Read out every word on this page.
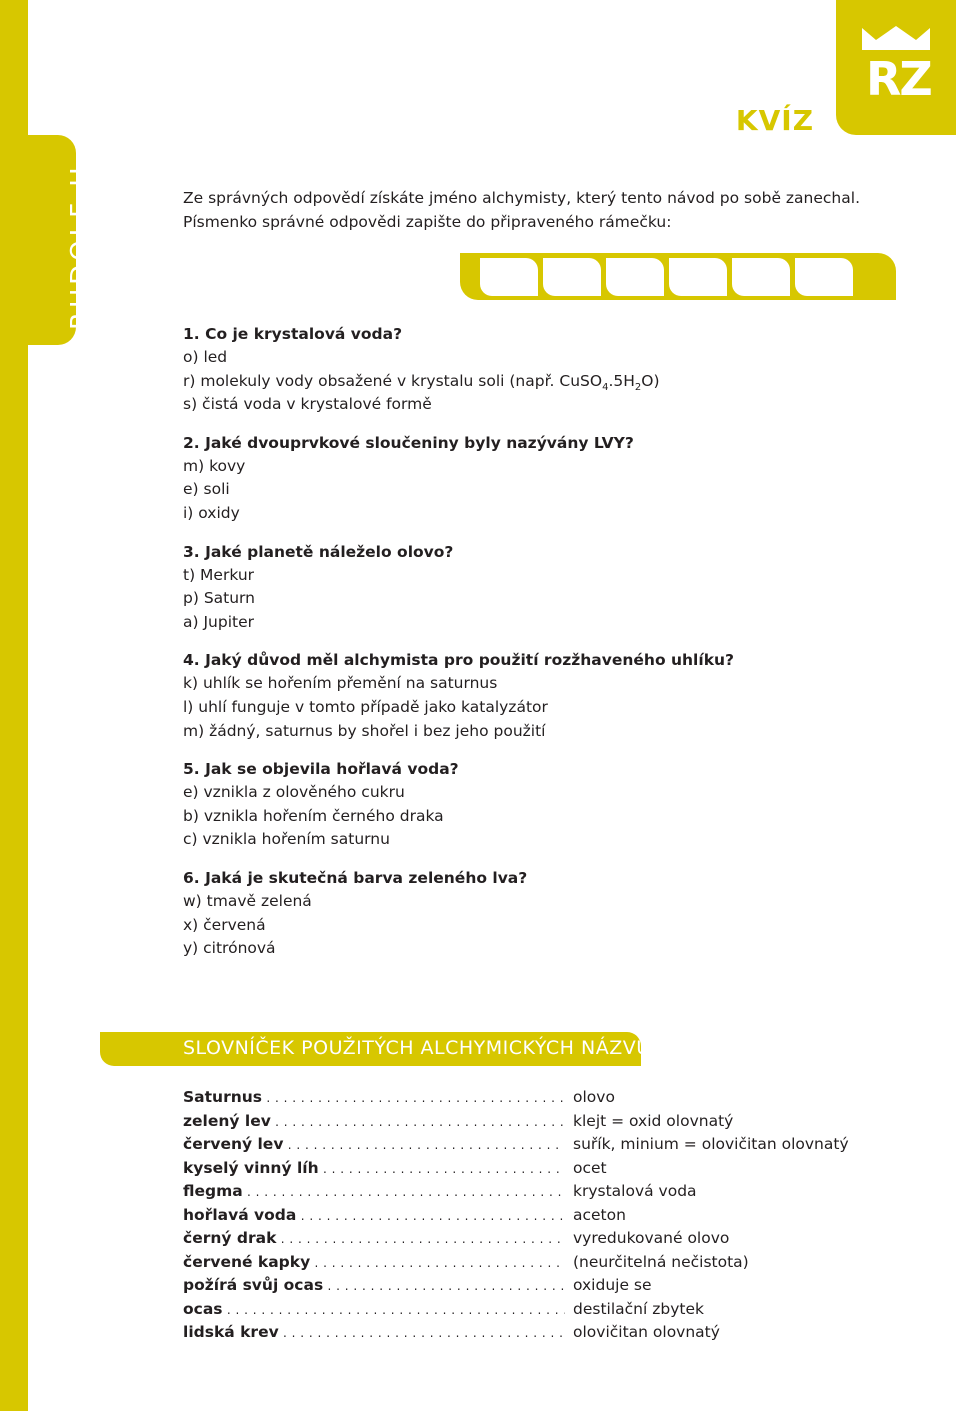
RUDOLF II.
RZ
KVÍZ
Ze správných odpovědí získáte jméno alchymisty, který tento návod po sobě zanechal.
Písmenko správné odpovědi zapište do připraveného rámečku:
1. Co je krystalová voda?
o) led
r) molekuly vody obsažené v krystalu soli (např. $CuSO_4.5H_2O$)
s) čistá voda v krystalové formě
2. Jaké dvouprvkové sloučeniny byly nazývány LVY?
m) kovy
e) soli
i) oxidy
3. Jaké planetě náleželo olovo?
t) Merkur
p) Saturn
a) Jupiter
4. Jaký důvod měl alchymista pro použití rozžhaveného uhlíku?
k) uhlík se hořením přemění na saturnus
l) uhlí funguje v tomto případě jako katalyzátor
m) žádný, saturnus by shořel i bez jeho použití
5. Jak se objevila hořlavá voda?
e) vznikla z olověného cukru
b) vznikla hořením černého draka
c) vznikla hořením saturnu
6. Jaká je skutečná barva zeleného lva?
w) tmavě zelená
x) červená
y) citrónová
SLOVNÍČEK POUŽITÝCH ALCHYMICKÝCH NÁZVŮ:
Saturnus . . .	olovo
zelený lev . . .	klejt = oxid olovnatý
červený lev . . .	suřík, minium = olovičitan olovnatý
kyselý vinný líh . . .	ocet
flegma . . .	krystalová voda
hořlavá voda . . .	aceton
černý drak . . .	vyredukované olovo
červené kapky . . .	(neurčitelná nečistota)
požírá svůj ocas . . .	oxiduje se
ocas . . .	destilační zbytek
lidská krev . . .	olovičitan olovnatý
